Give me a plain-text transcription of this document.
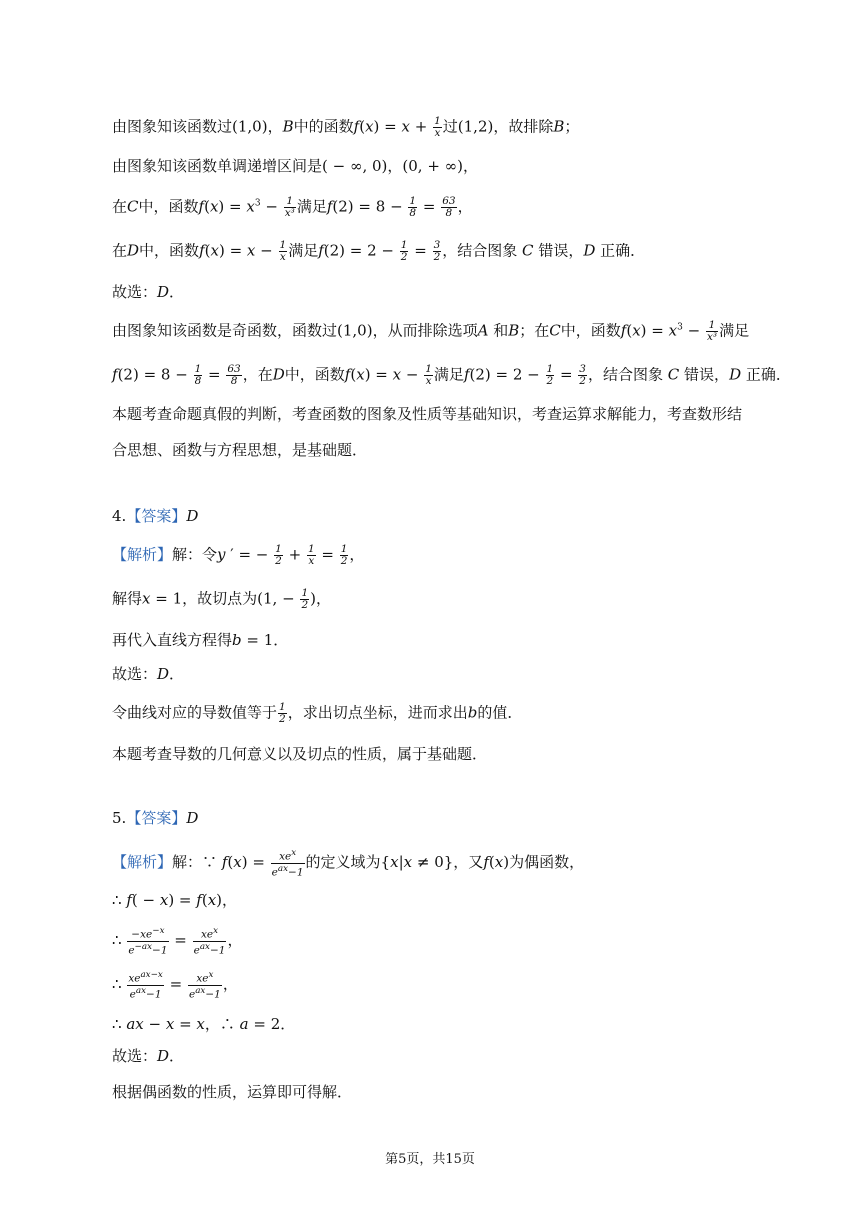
由图象知该函数过(1,0)，B中的函数$f(x) = x + \frac{1}{x}$ 过(1,2)，故排除B；
由图象知该函数单调递增区间是( − ∞, 0)，(0, + ∞)，
在C中，函数$f(x) = x^3 - \frac{1}{\text{x³}}$ 满足$f(2) = 8 - \frac{1}{8} = \frac{63}{8}$ ，
在D中，函数$f(x) = x - \frac{1}{x}$ 满足$f(2) = 2 - \frac{1}{2} = \frac{3}{2}$ ，结合图象 C 错误，D 正确．
故选：D．
由图象知该函数是奇函数，函数过(1,0)，从而排除选项A 和B；在C中，函数$f(x) = x^3 - \frac{1}{\text{x³}}$ 满足
$f(2) = 8 - \frac{1}{8} = \frac{63}{8}$ ，在D中，函数$f(x) = x - \frac{1}{x}$ 满足$f(2) = 2 - \frac{1}{2} = \frac{3}{2}$ ，结合图象 C 错误，D 正确．
本题考查命题真假的判断，考查函数的图象及性质等基础知识，考查运算求解能力，考查数形结
合思想、函数与方程思想，是基础题．
4.【答案】D
【解析】解：令y ′ = − $\frac{1}{2} + \frac{1}{x} = \frac{1}{2}$ ，
解得x = 1，故切点为(1, − $\frac{1}{2}$ )，
再代入直线方程得b = 1．
故选：D．
令曲线对应的导数值等于 $\frac{1}{2}$ ，求出切点坐标，进而求出b的值．
本题考查导数的几何意义以及切点的性质，属于基础题．
5.【答案】D
【解析】解：∵ $f(x) = \frac{xe^x}{e^{ax}-1}$ 的定义域为{x|x ≠ 0}，又f(x)为偶函数，
∴ f( − x) = f(x)，
∴ $\frac{-xe^{-x}}{e^{-ax}-1} = \frac{xe^x}{e^{ax}-1}$ ，
∴ $\frac{xe^{ax-x}}{e^{ax}-1} = \frac{xe^x}{e^{ax}-1}$ ，
∴ ax − x = x，∴ a = 2．
故选：D．
根据偶函数的性质，运算即可得解．
第5页，共15页
